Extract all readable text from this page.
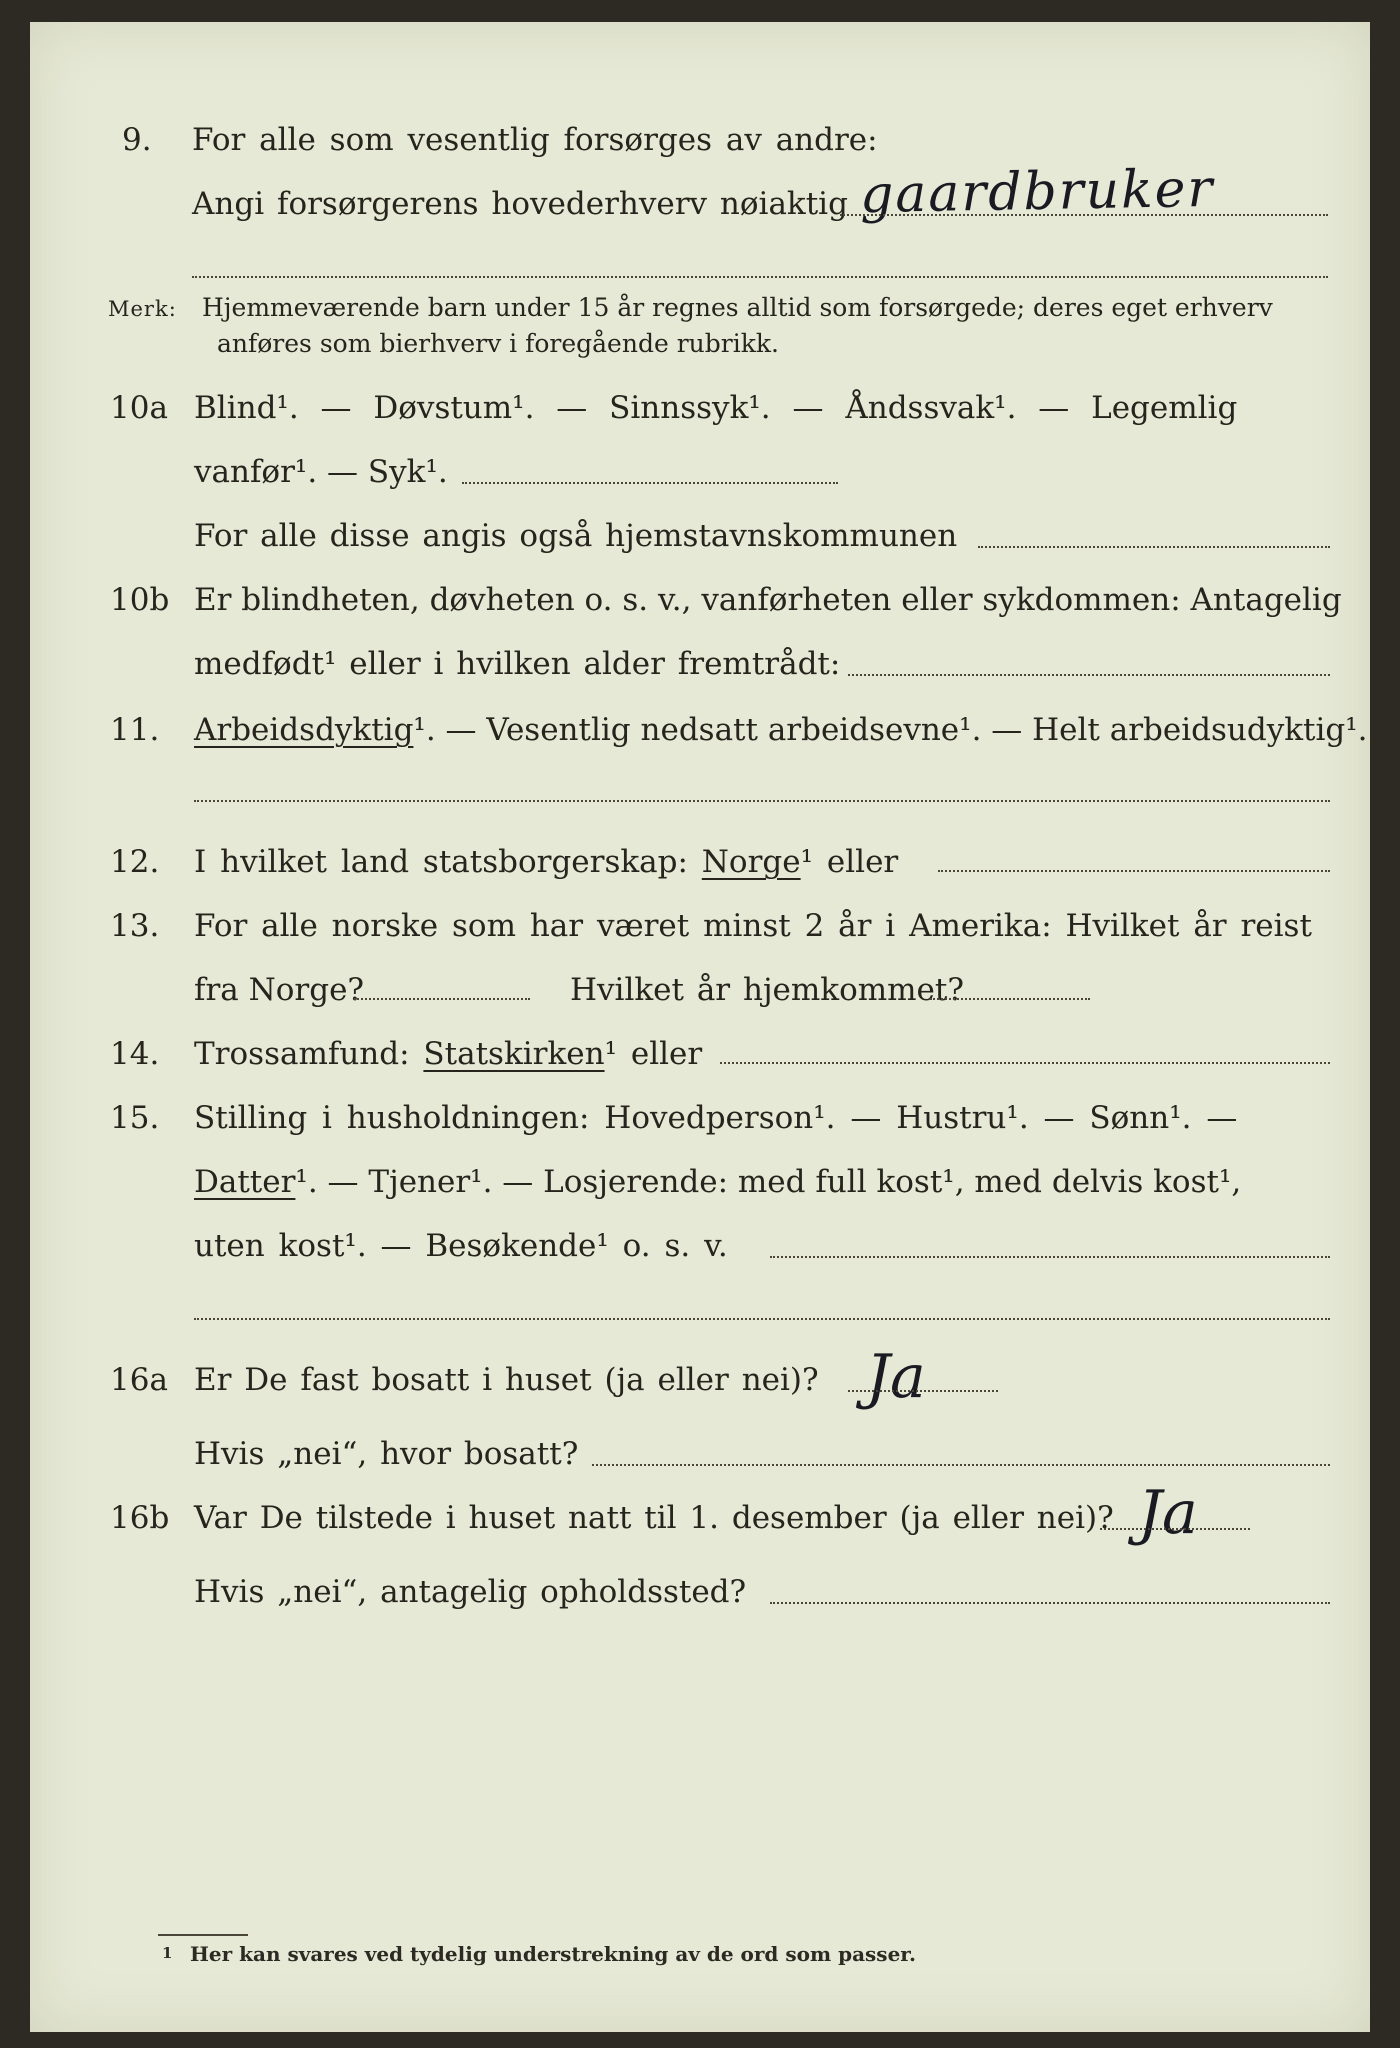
9. For alle som vesentlig forsørges av andre:
Angi forsørgerens hovederhverv nøiaktig gaardbruker
Merk: Hjemmeværende barn under 15 år regnes alltid som forsørgede; deres eget erhverv
anføres som bierhverv i foregående rubrikk.
10a Blind¹. — Døvstum¹. — Sinnssyk¹. — Åndssvak¹. — Legemlig
vanfør¹. — Syk¹.
For alle disse angis også hjemstavnskommunen
10b Er blindheten, døvheten o. s. v., vanførheten eller sykdommen: Antagelig
medfødt¹ eller i hvilken alder fremtrådt:
11. Arbeidsdyktig¹. — Vesentlig nedsatt arbeidsevne¹. — Helt arbeidsudyktig¹.
12. I hvilket land statsborgerskap: Norge¹ eller
13. For alle norske som har været minst 2 år i Amerika: Hvilket år reist
fra Norge?	Hvilket år hjemkommet?
14. Trossamfund: Statskirken¹ eller
15. Stilling i husholdningen: Hovedperson¹. — Hustru¹. — Sønn¹. —
Datter¹. — Tjener¹. — Losjerende: med full kost¹, med delvis kost¹,
uten kost¹. — Besøkende¹ o. s. v.
16a Er De fast bosatt i huset (ja eller nei)? Ja
Hvis „nei“, hvor bosatt?
16b Var De tilstede i huset natt til 1. desember (ja eller nei)? Ja
Hvis „nei“, antagelig opholdssted?
1 Her kan svares ved tydelig understrekning av de ord som passer.
